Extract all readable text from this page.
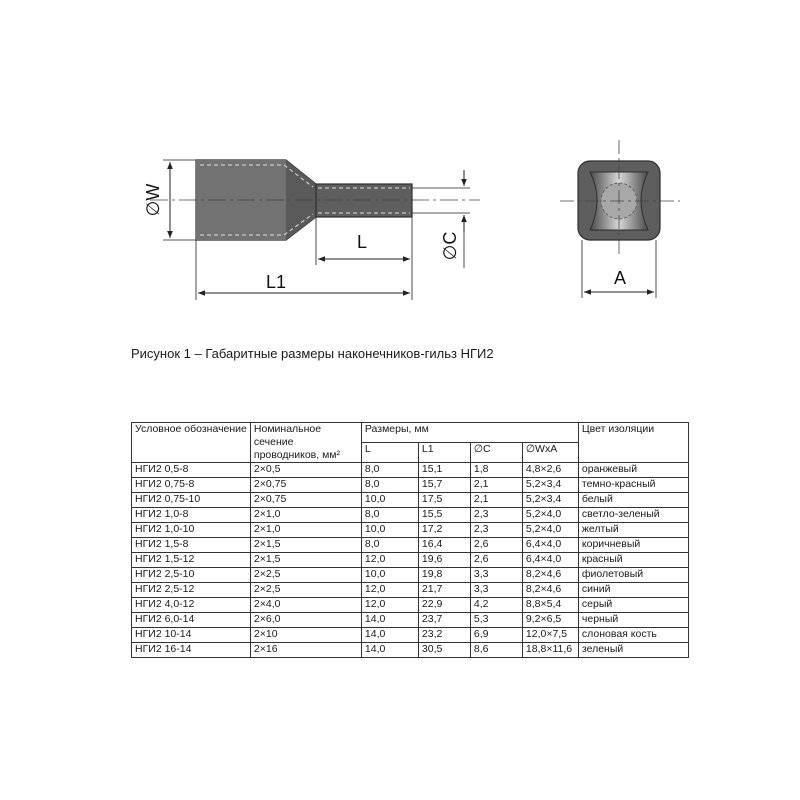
∅W
L
L1
∅C
A
Рисунок 1 – Габаритные размеры наконечников-гильз НГИ2
Условное обозначение	Номинальное сечение проводников, мм²	Размеры, мм				Цвет изоляции
		L	L1	∅C	∅WxA	
НГИ2 0,5-8	2×0,5	8,0	15,1	1,8	4,8×2,6	оранжевый
НГИ2 0,75-8	2×0,75	8,0	15,7	2,1	5,2×3,4	темно-красный
НГИ2 0,75-10	2×0,75	10,0	17,5	2,1	5,2×3,4	белый
НГИ2 1,0-8	2×1,0	8,0	15,5	2,3	5,2×4,0	светло-зеленый
НГИ2 1,0-10	2×1,0	10,0	17,2	2,3	5,2×4,0	желтый
НГИ2 1,5-8	2×1,5	8,0	16,4	2,6	6,4×4,0	коричневый
НГИ2 1,5-12	2×1,5	12,0	19,6	2,6	6,4×4,0	красный
НГИ2 2,5-10	2×2,5	10,0	19,8	3,3	8,2×4,6	фиолетовый
НГИ2 2,5-12	2×2,5	12,0	21,7	3,3	8,2×4,6	синий
НГИ2 4,0-12	2×4,0	12,0	22,9	4,2	8,8×5,4	серый
НГИ2 6,0-14	2×6,0	14,0	23,7	5,3	9,2×6,5	черный
НГИ2 10-14	2×10	14,0	23,2	6,9	12,0×7,5	слоновая кость
НГИ2 16-14	2×16	14,0	30,5	8,6	18,8×11,6	зеленый
